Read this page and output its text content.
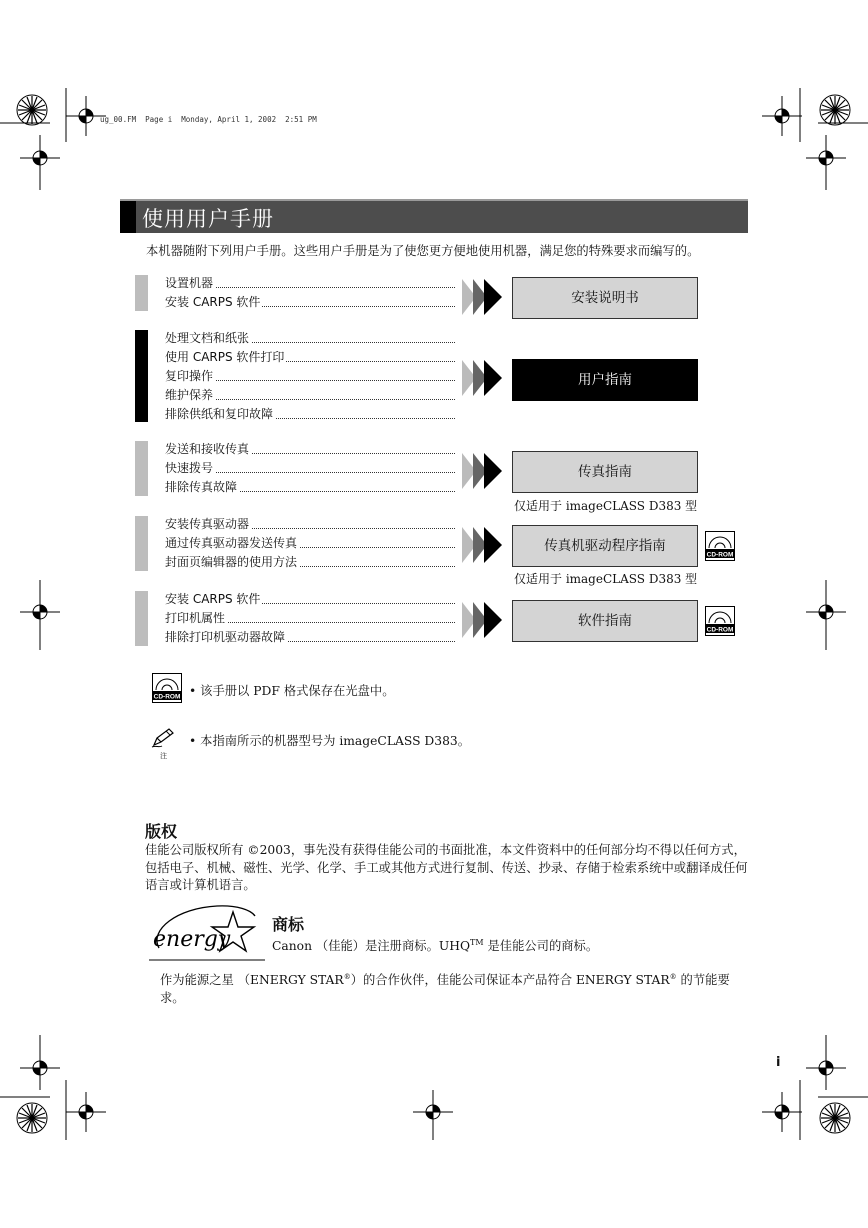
ug_00.FM  Page i  Monday, April 1, 2002  2:51 PM
使用用户手册
本机器随附下列用户手册。这些用户手册是为了使您更方便地使用机器，满足您的特殊要求而编写的。
设置机器
安装 CARPS 软件	安装说明书
处理文档和纸张
使用 CARPS 软件打印
复印操作
维护保养
排除供纸和复印故障
用户指南
发送和接收传真
快速拨号
排除传真故障
传真指南
仅适用于 imageCLASS D383 型
安装传真驱动器
通过传真驱动器发送传真
封面页编辑器的使用方法
传真机驱动程序指南
仅适用于 imageCLASS D383 型
CD-ROM
安装 CARPS 软件
打印机属性
排除打印机驱动器故障
软件指南
CD-ROM
CD-ROM • 该手册以 PDF 格式保存在光盘中。
注
• 本指南所示的机器型号为 imageCLASS D383。
版权
佳能公司版权所有 ©2003，事先没有获得佳能公司的书面批准，本文件资料中的任何部分均不得以任何方式，包括电子、机械、磁性、光学、化学、手工或其他方式进行复制、传送、抄录、存储于检索系统中或翻译成任何语言或计算机语言。
energy
商标
Canon （佳能）是注册商标。UHQ™ 是佳能公司的商标。
作为能源之星 （ENERGY STAR®）的合作伙伴，佳能公司保证本产品符合 ENERGY STAR® 的节能要求。
i
